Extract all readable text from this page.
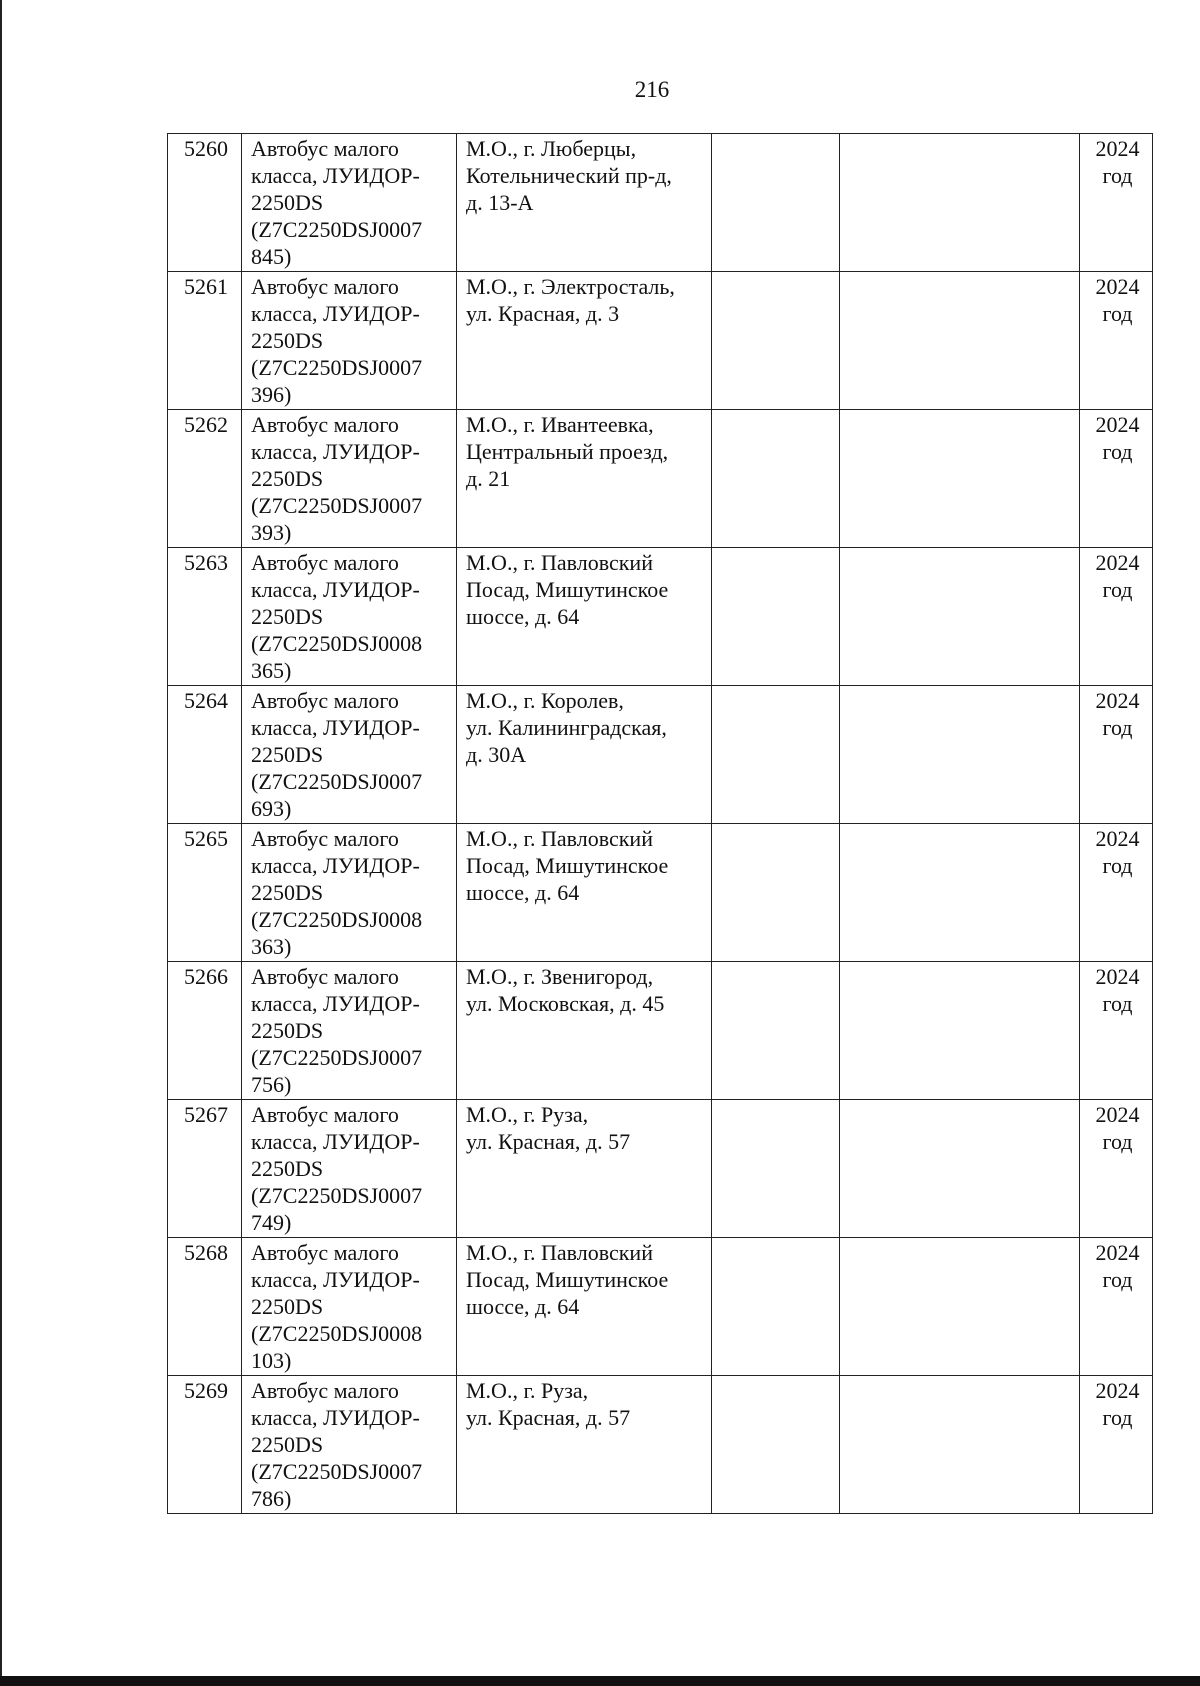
216
5260	Автобус малого
класса, ЛУИДОР-
2250DS
(Z7C2250DSJ0007
845)	М.О., г. Люберцы,
Котельнический пр-д,
д. 13-А			2024
год

5261	Автобус малого
класса, ЛУИДОР-
2250DS
(Z7C2250DSJ0007
396)	М.О., г. Электросталь,
ул. Красная, д. 3			2024
год

5262	Автобус малого
класса, ЛУИДОР-
2250DS
(Z7C2250DSJ0007
393)	М.О., г. Ивантеевка,
Центральный проезд,
д. 21			2024
год

5263	Автобус малого
класса, ЛУИДОР-
2250DS
(Z7C2250DSJ0008
365)	М.О., г. Павловский
Посад, Мишутинское
шоссе, д. 64			2024
год

5264	Автобус малого
класса, ЛУИДОР-
2250DS
(Z7C2250DSJ0007
693)	М.О., г. Королев,
ул. Калининградская,
д. 30А			2024
год

5265	Автобус малого
класса, ЛУИДОР-
2250DS
(Z7C2250DSJ0008
363)	М.О., г. Павловский
Посад, Мишутинское
шоссе, д. 64			2024
год

5266	Автобус малого
класса, ЛУИДОР-
2250DS
(Z7C2250DSJ0007
756)	М.О., г. Звенигород,
ул. Московская, д. 45			2024
год

5267	Автобус малого
класса, ЛУИДОР-
2250DS
(Z7C2250DSJ0007
749)	М.О., г. Руза,
ул. Красная, д. 57			2024
год

5268	Автобус малого
класса, ЛУИДОР-
2250DS
(Z7C2250DSJ0008
103)	М.О., г. Павловский
Посад, Мишутинское
шоссе, д. 64			2024
год

5269	Автобус малого
класса, ЛУИДОР-
2250DS
(Z7C2250DSJ0007
786)	М.О., г. Руза,
ул. Красная, д. 57			2024
год
